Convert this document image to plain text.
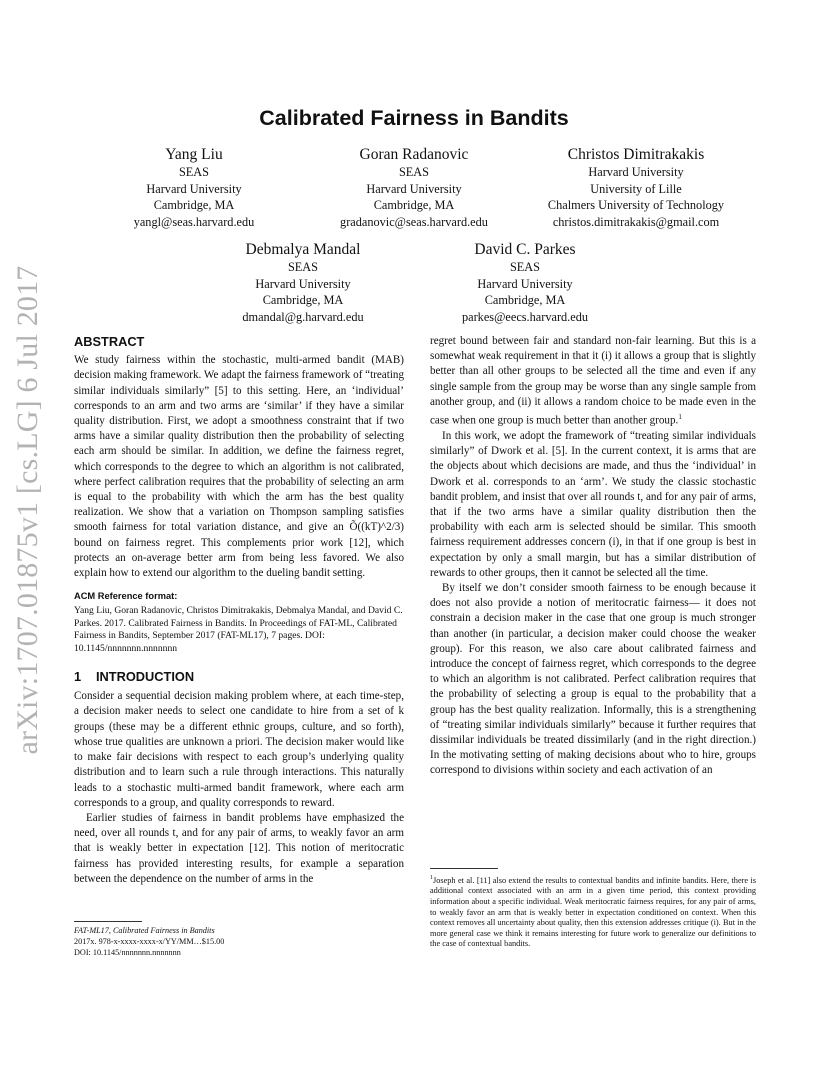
arXiv:1707.01875v1 [cs.LG] 6 Jul 2017
Calibrated Fairness in Bandits
Yang Liu
SEAS
Harvard University
Cambridge, MA
yangl@seas.harvard.edu
Goran Radanovic
SEAS
Harvard University
Cambridge, MA
gradanovic@seas.harvard.edu
Christos Dimitrakakis
Harvard University
University of Lille
Chalmers University of Technology
christos.dimitrakakis@gmail.com
Debmalya Mandal
SEAS
Harvard University
Cambridge, MA
dmandal@g.harvard.edu
David C. Parkes
SEAS
Harvard University
Cambridge, MA
parkes@eecs.harvard.edu
ABSTRACT

We study fairness within the stochastic, multi-armed bandit (MAB) decision making framework. We adapt the fairness framework of “treating similar individuals similarly” [5] to this setting. Here, an ‘individual’ corresponds to an arm and two arms are ‘similar’ if they have a similar quality distribution. First, we adopt a smoothness constraint that if two arms have a similar quality distribution then the probability of selecting each arm should be similar. In addition, we define the fairness regret, which corresponds to the degree to which an algorithm is not calibrated, where perfect calibration requires that the probability of selecting an arm is equal to the probability with which the arm has the best quality realization. We show that a variation on Thompson sampling satisfies smooth fairness for total variation distance, and give an Õ((kT)^2/3) bound on fairness regret. This complements prior work [12], which protects an on-average better arm from being less favored. We also explain how to extend our algorithm to the dueling bandit setting.

ACM Reference format:

Yang Liu, Goran Radanovic, Christos Dimitrakakis, Debmalya Mandal, and David C. Parkes. 2017. Calibrated Fairness in Bandits. In Proceedings of FAT-ML, Calibrated Fairness in Bandits, September 2017 (FAT-ML17), 7 pages. DOI: 10.1145/nnnnnnn.nnnnnnn

1 INTRODUCTION

Consider a sequential decision making problem where, at each time-step, a decision maker needs to select one candidate to hire from a set of k groups (these may be a different ethnic groups, culture, and so forth), whose true qualities are unknown a priori. The decision maker would like to make fair decisions with respect to each group’s underlying quality distribution and to learn such a rule through interactions. This naturally leads to a stochastic multi-armed bandit framework, where each arm corresponds to a group, and quality corresponds to reward.

Earlier studies of fairness in bandit problems have emphasized the need, over all rounds t, and for any pair of arms, to weakly favor an arm that is weakly better in expectation [12]. This notion of meritocratic fairness has provided interesting results, for example a separation between the dependence on the number of arms in the

regret bound between fair and standard non-fair learning. But this is a somewhat weak requirement in that it (i) it allows a group that is slightly better than all other groups to be selected all the time and even if any single sample from the group may be worse than any single sample from another group, and (ii) it allows a random choice to be made even in the case when one group is much better than another group.$^1$

In this work, we adopt the framework of “treating similar individuals similarly” of Dwork et al. [5]. In the current context, it is arms that are the objects about which decisions are made, and thus the ‘individual’ in Dwork et al. corresponds to an ‘arm’. We study the classic stochastic bandit problem, and insist that over all rounds t, and for any pair of arms, that if the two arms have a similar quality distribution then the probability with each arm is selected should be similar. This smooth fairness requirement addresses concern (i), in that if one group is best in expectation by only a small margin, but has a similar distribution of rewards to other groups, then it cannot be selected all the time.

By itself we don’t consider smooth fairness to be enough because it does not also provide a notion of meritocratic fairness— it does not constrain a decision maker in the case that one group is much stronger than another (in particular, a decision maker could choose the weaker group). For this reason, we also care about calibrated fairness and introduce the concept of fairness regret, which corresponds to the degree to which an algorithm is not calibrated. Perfect calibration requires that the probability of selecting a group is equal to the probability that a group has the best quality realization. Informally, this is a strengthening of “treating similar individuals similarly” because it further requires that dissimilar individuals be treated dissimilarly (and in the right direction.) In the motivating setting of making decisions about who to hire, groups correspond to divisions within society and each activation of an

FAT-ML17, Calibrated Fairness in Bandits
2017x. 978-x-xxxx-xxxx-x/YY/MM…$15.00
DOI: 10.1145/nnnnnnn.nnnnnnn
$^1$Joseph et al. [11] also extend the results to contextual bandits and infinite bandits. Here, there is additional context associated with an arm in a given time period, this context providing information about a specific individual. Weak meritocratic fairness requires, for any pair of arms, to weakly favor an arm that is weakly better in expectation conditioned on context. When this context removes all uncertainty about quality, then this extension addresses critique (i). But in the more general case we think it remains interesting for future work to generalize our definitions to the case of contextual bandits.
